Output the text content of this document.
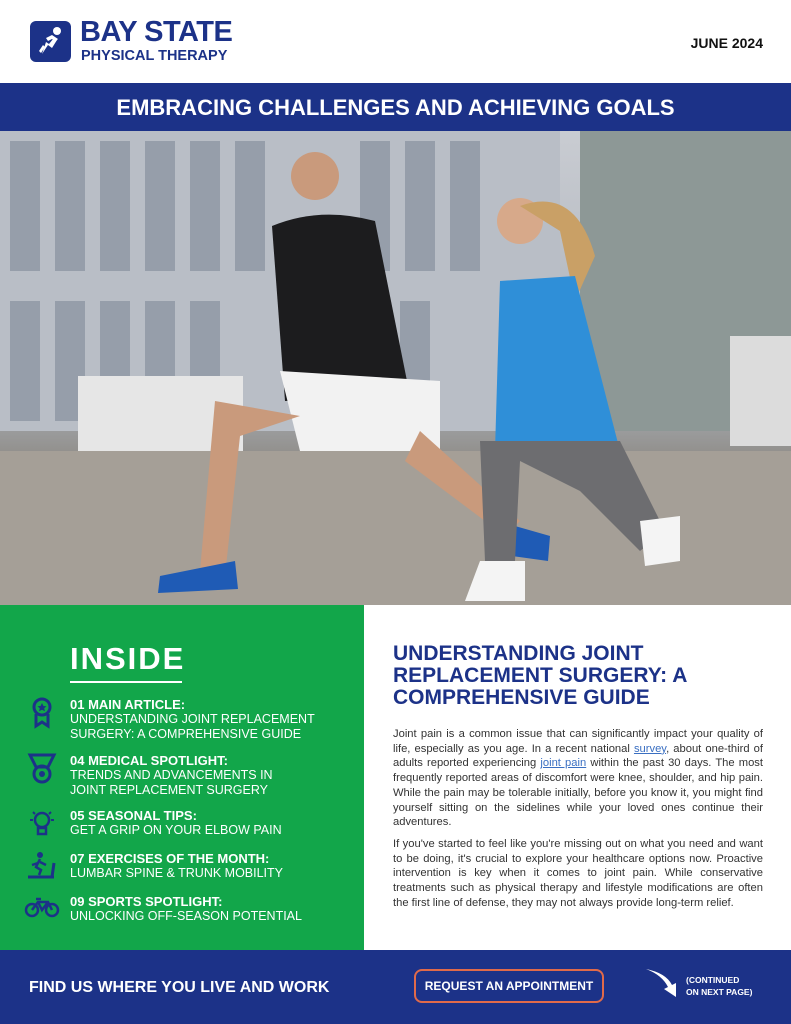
BAY STATE
PHYSICAL THERAPY
JUNE 2024
EMBRACING CHALLENGES AND ACHIEVING GOALS
INSIDE
01 MAIN ARTICLE:
UNDERSTANDING JOINT REPLACEMENT
SURGERY: A COMPREHENSIVE GUIDE
04 MEDICAL SPOTLIGHT:
TRENDS AND ADVANCEMENTS IN
JOINT REPLACEMENT SURGERY
05 SEASONAL TIPS:
GET A GRIP ON YOUR ELBOW PAIN
07 EXERCISES OF THE MONTH:
LUMBAR SPINE & TRUNK MOBILITY
09 SPORTS SPOTLIGHT:
UNLOCKING OFF-SEASON POTENTIAL
UNDERSTANDING JOINT REPLACEMENT SURGERY: A COMPREHENSIVE GUIDE

Joint pain is a common issue that can significantly impact your quality of life, especially as you age. In a recent national survey, about one-third of adults reported experiencing joint pain within the past 30 days. The most frequently reported areas of discomfort were knee, shoulder, and hip pain. While the pain may be tolerable initially, before you know it, you might find yourself sitting on the sidelines while your loved ones continue their adventures.

If you've started to feel like you're missing out on what you need and want to be doing, it's crucial to explore your healthcare options now. Proactive intervention is key when it comes to joint pain. While conservative treatments such as physical therapy and lifestyle modifications are often the first line of defense, they may not always provide long-term relief.

FIND US WHERE YOU LIVE AND WORK	REQUEST AN APPOINTMENT	(CONTINUED
ON NEXT PAGE)
